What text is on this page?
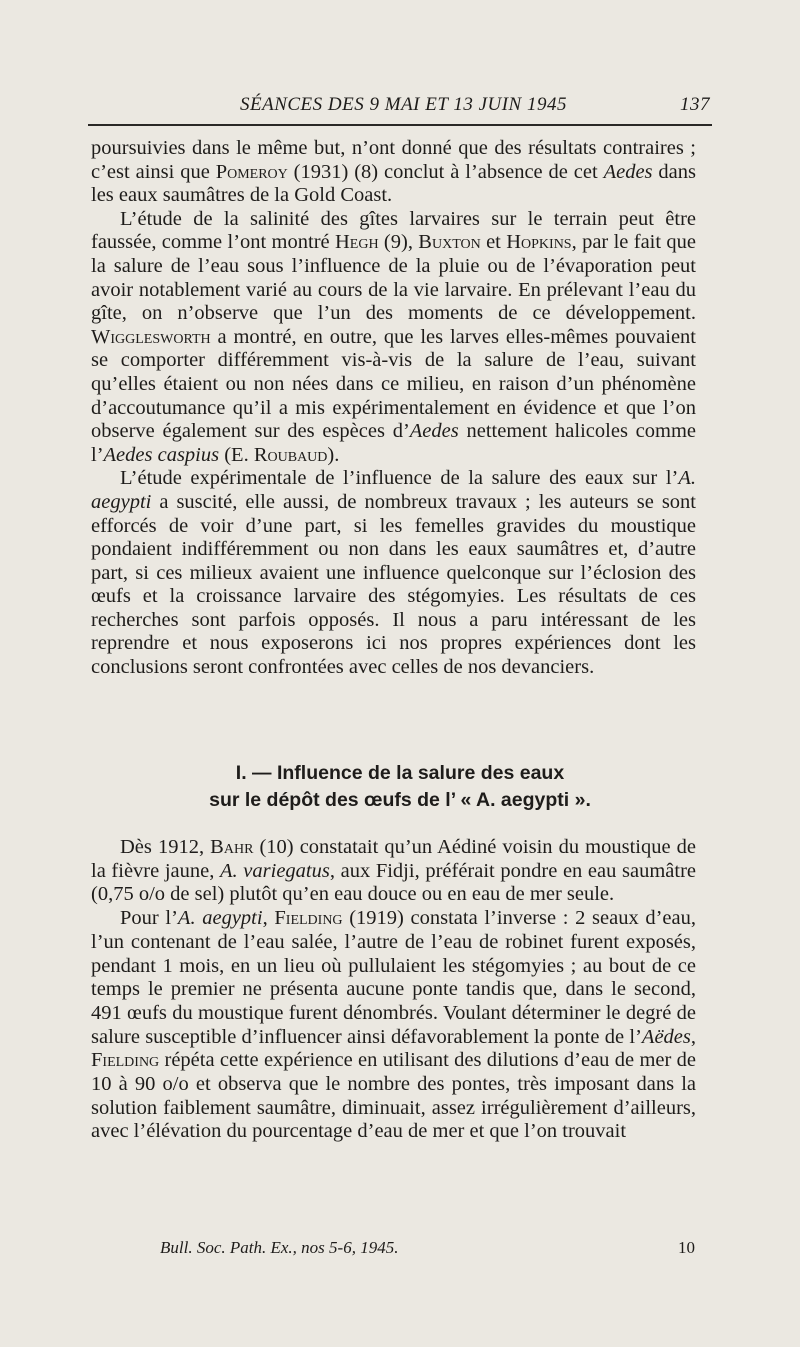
SÉANCES DES 9 MAI ET 13 JUIN 1945	137

poursuivies dans le même but, n’ont donné que des résultats contraires ; c’est ainsi que Pomeroy (1931) (8) conclut à l’absence de cet Aedes dans les eaux saumâtres de la Gold Coast.

L’étude de la salinité des gîtes larvaires sur le terrain peut être faussée, comme l’ont montré Hegh (9), Buxton et Hopkins, par le fait que la salure de l’eau sous l’influence de la pluie ou de l’évaporation peut avoir notablement varié au cours de la vie larvaire. En prélevant l’eau du gîte, on n’observe que l’un des moments de ce développement. Wigglesworth a montré, en outre, que les larves elles-mêmes pouvaient se comporter différemment vis-à-vis de la salure de l’eau, suivant qu’elles étaient ou non nées dans ce milieu, en raison d’un phénomène d’accoutumance qu’il a mis expérimentalement en évidence et que l’on observe également sur des espèces d’Aedes nettement halicoles comme l’Aedes caspius (E. Roubaud).

L’étude expérimentale de l’influence de la salure des eaux sur l’A. aegypti a suscité, elle aussi, de nombreux travaux ; les auteurs se sont efforcés de voir d’une part, si les femelles gravides du moustique pondaient indifféremment ou non dans les eaux saumâtres et, d’autre part, si ces milieux avaient une influence quelconque sur l’éclosion des œufs et la croissance larvaire des stégomyies. Les résultats de ces recherches sont parfois opposés. Il nous a paru intéressant de les reprendre et nous exposerons ici nos propres expériences dont les conclusions seront confrontées avec celles de nos devanciers.

I. — Influence de la salure des eaux
sur le dépôt des œufs de l’ « A. aegypti ».

Dès 1912, Bahr (10) constatait qu’un Aédiné voisin du moustique de la fièvre jaune, A. variegatus, aux Fidji, préférait pondre en eau saumâtre (0,75 o/o de sel) plutôt qu’en eau douce ou en eau de mer seule.

Pour l’A. aegypti, Fielding (1919) constata l’inverse : 2 seaux d’eau, l’un contenant de l’eau salée, l’autre de l’eau de robinet furent exposés, pendant 1 mois, en un lieu où pullulaient les stégomyies ; au bout de ce temps le premier ne présenta aucune ponte tandis que, dans le second, 491 œufs du moustique furent dénombrés. Voulant déterminer le degré de salure susceptible d’influencer ainsi défavorablement la ponte de l’Aëdes, Fielding répéta cette expérience en utilisant des dilutions d’eau de mer de 10 à 90 o/o et observa que le nombre des pontes, très imposant dans la solution faiblement saumâtre, diminuait, assez irrégulièrement d’ailleurs, avec l’élévation du pourcentage d’eau de mer et que l’on trouvait

Bull. Soc. Path. Ex., nos 5-6, 1945.	10
